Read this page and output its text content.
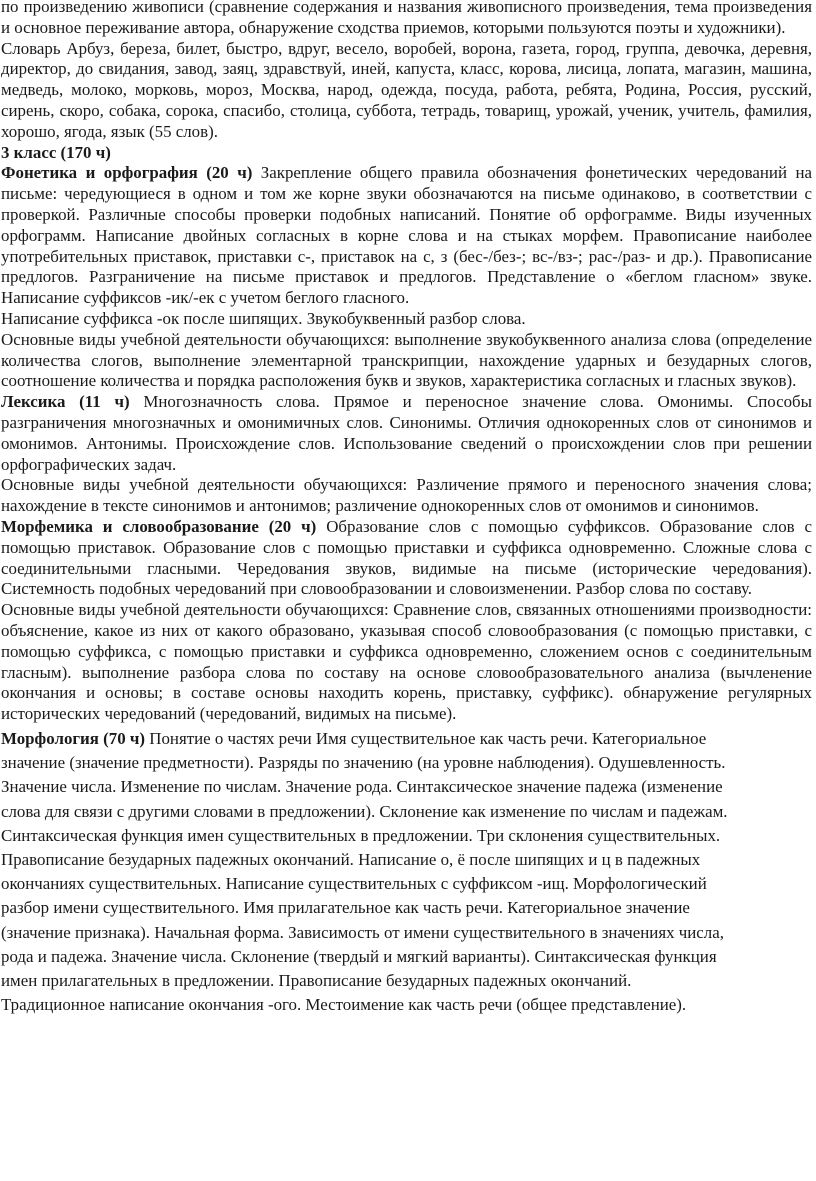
по произведению живописи (сравнение содержания и названия живописного произведения, тема произведения и основное переживание автора, обнаружение сходства приемов, которыми пользуются поэты и художники).

Словарь Арбуз, береза, билет, быстро, вдруг, весело, воробей, ворона, газета, город, группа, девочка, деревня, директор, до свидания, завод, заяц, здравствуй, иней, капуста, класс, корова, лисица, лопата, магазин, машина, медведь, молоко, морковь, мороз, Москва, народ, одежда, посуда, работа, ребята, Родина, Россия, русский, сирень, скоро, собака, сорока, спасибо, столица, суббота, тетрадь, товарищ, урожай, ученик, учитель, фамилия, хорошо, ягода, язык (55 слов).

3 класс (170 ч)

Фонетика и орфография (20 ч) Закрепление общего правила обозначения фонетических чередований на письме: чередующиеся в одном и том же корне звуки обозначаются на письме одинаково, в соответствии с проверкой. Различные способы проверки подобных написаний. Понятие об орфограмме. Виды изученных орфограмм. Написание двойных согласных в корне слова и на стыках морфем. Правописание наиболее употребительных приставок, приставки с-, приставок на с, з (бес-/без-; вс-/вз-; рас-/раз- и др.). Правописание предлогов. Разграничение на письме приставок и предлогов. Представление о «беглом гласном» звуке. Написание суффиксов -ик/-ек с учетом беглого гласного.

Написание суффикса -ок после шипящих. Звукобуквенный разбор слова.

Основные виды учебной деятельности обучающихся: выполнение звукобуквенного анализа слова (определение количества слогов, выполнение элементарной транскрипции, нахождение ударных и безударных слогов, соотношение количества и порядка расположения букв и звуков, характеристика согласных и гласных звуков).

Лексика (11 ч) Многозначность слова. Прямое и переносное значение слова. Омонимы. Способы разграничения многозначных и омонимичных слов. Синонимы. Отличия однокоренных слов от синонимов и омонимов. Антонимы. Происхождение слов. Использование сведений о происхождении слов при решении орфографических задач.

Основные виды учебной деятельности обучающихся: Различение прямого и переносного значения слова; нахождение в тексте синонимов и антонимов; различение однокоренных слов от омонимов и синонимов.

Морфемика и словообразование (20 ч) Образование слов с помощью суффиксов. Образование слов с помощью приставок. Образование слов с помощью приставки и суффикса одновременно. Сложные слова с соединительными гласными. Чередования звуков, видимые на письме (исторические чередования). Системность подобных чередований при словообразовании и словоизменении. Разбор слова по составу.

Основные виды учебной деятельности обучающихся: Сравнение слов, связанных отношениями производности: объяснение, какое из них от какого образовано, указывая способ словообразования (с помощью приставки, с помощью суффикса, с помощью приставки и суффикса одновременно, сложением основ с соединительным гласным). выполнение разбора слова по составу на основе словообразовательного анализа (вычленение окончания и основы; в составе основы находить корень, приставку, суффикс). обнаружение регулярных исторических чередований (чередований, видимых на письме).

Морфология (70 ч) Понятие о частях речи Имя существительное как часть речи. Категориальное

значение (значение предметности). Разряды по значению (на уровне наблюдения). Одушевленность.

Значение числа. Изменение по числам. Значение рода. Синтаксическое значение падежа (изменение

слова для связи с другими словами в предложении). Склонение как изменение по числам и падежам.

Синтаксическая функция имен существительных в предложении. Три склонения существительных.

Правописание безударных падежных окончаний. Написание о, ё после шипящих и ц в падежных

окончаниях существительных. Написание существительных с суффиксом -ищ. Морфологический

разбор имени существительного. Имя прилагательное как часть речи. Категориальное значение

(значение признака). Начальная форма. Зависимость от имени существительного в значениях числа,

рода и падежа. Значение числа. Склонение (твердый и мягкий варианты). Синтаксическая функция

имен прилагательных в предложении. Правописание безударных падежных окончаний.

Традиционное написание окончания -ого. Местоимение как часть речи (общее представление).
